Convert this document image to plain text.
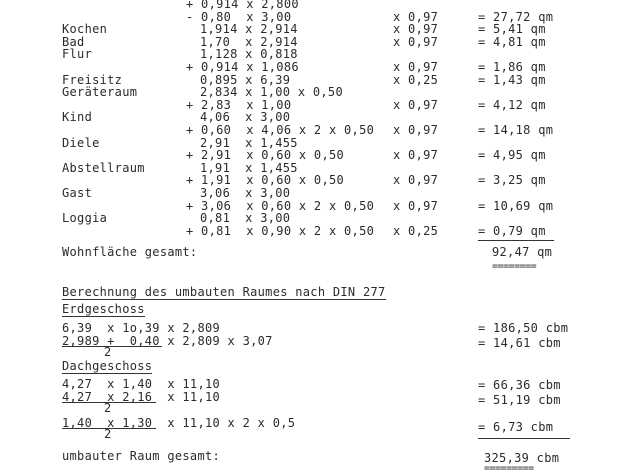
+ 0,914 x 2,800
- 0,80  x 3,00	x 0,97	= 27,72 qm
Kochen	1,914 x 2,914	x 0,97	= 5,41 qm
Bad	1,70  x 2,914	x 0,97	= 4,81 qm
Flur	1,128 x 0,818
+ 0,914 x 1,086	x 0,97	= 1,86 qm
Freisitz	0,895 x 6,39	x 0,25	= 1,43 qm
Geräteraum	2,834 x 1,00 x 0,50
+ 2,83  x 1,00	x 0,97	= 4,12 qm
Kind	4,06  x 3,00
+ 0,60  x 4,06 x 2 x 0,50 x 0,97	= 14,18 qm
Diele	2,91  x 1,455
+ 2,91  x 0,60 x 0,50	x 0,97	= 4,95 qm
Abstellraum	1,91  x 1,455
+ 1,91  x 0,60 x 0,50	x 0,97	= 3,25 qm
Gast	3,06  x 3,00
+ 3,06  x 0,60 x 2 x 0,50 x 0,97	= 10,69 qm
Loggia	0,81  x 3,00
+ 0,81  x 0,90 x 2 x 0,50 x 0,25	= 0,79 qm
Wohnfläche gesamt:	92,47 qm
========
Berechnung des umbauten Raumes nach DIN 277
Erdgeschoss
6,39  x 1o,39 x 2,809	= 186,50 cbm
2,989 +  0,40 x 2,809 x 3,07	= 14,61 cbm
2
Dachgeschoss
4,27  x 1,40  x 11,10	= 66,36 cbm
4,27  x 2,16  x 11,10	= 51,19 cbm
2
1,40  x 1,30  x 11,10 x 2 x 0,5	= 6,73 cbm
2
umbauter Raum gesamt:	325,39 cbm
=========
